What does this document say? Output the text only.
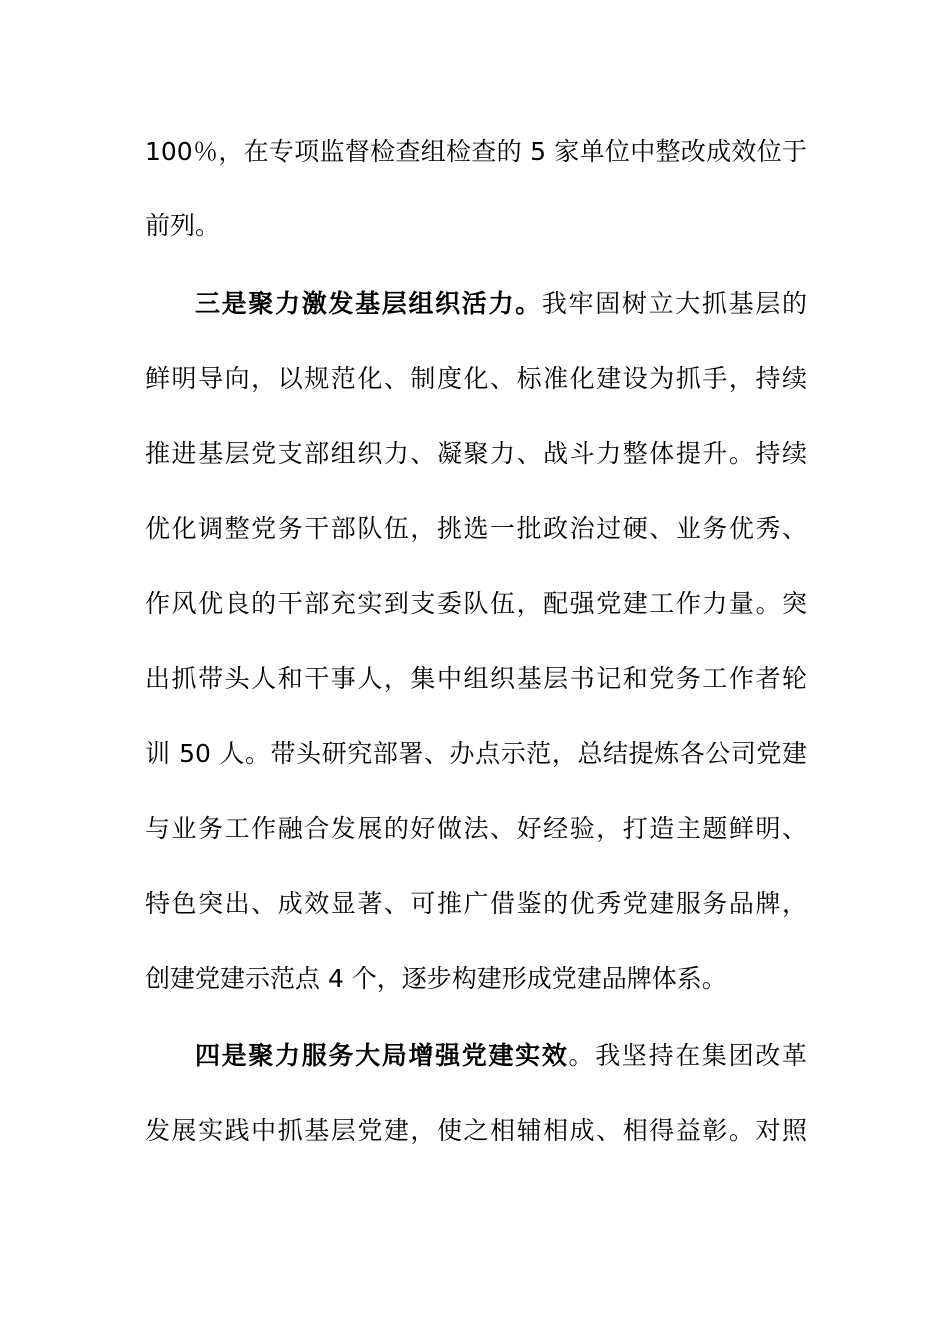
100％，在专项监督检查组检查的 5 家单位中整改成效位于
前列。
三是聚力激发基层组织活力。我牢固树立大抓基层的
鲜明导向，以规范化、制度化、标准化建设为抓手，持续
推进基层党支部组织力、凝聚力、战斗力整体提升。持续
优化调整党务干部队伍，挑选一批政治过硬、业务优秀、
作风优良的干部充实到支委队伍，配强党建工作力量。突
出抓带头人和干事人，集中组织基层书记和党务工作者轮
训 50 人。带头研究部署、办点示范，总结提炼各公司党建
与业务工作融合发展的好做法、好经验，打造主题鲜明、
特色突出、成效显著、可推广借鉴的优秀党建服务品牌，
创建党建示范点 4 个，逐步构建形成党建品牌体系。
四是聚力服务大局增强党建实效。我坚持在集团改革
发展实践中抓基层党建，使之相辅相成、相得益彰。对照
